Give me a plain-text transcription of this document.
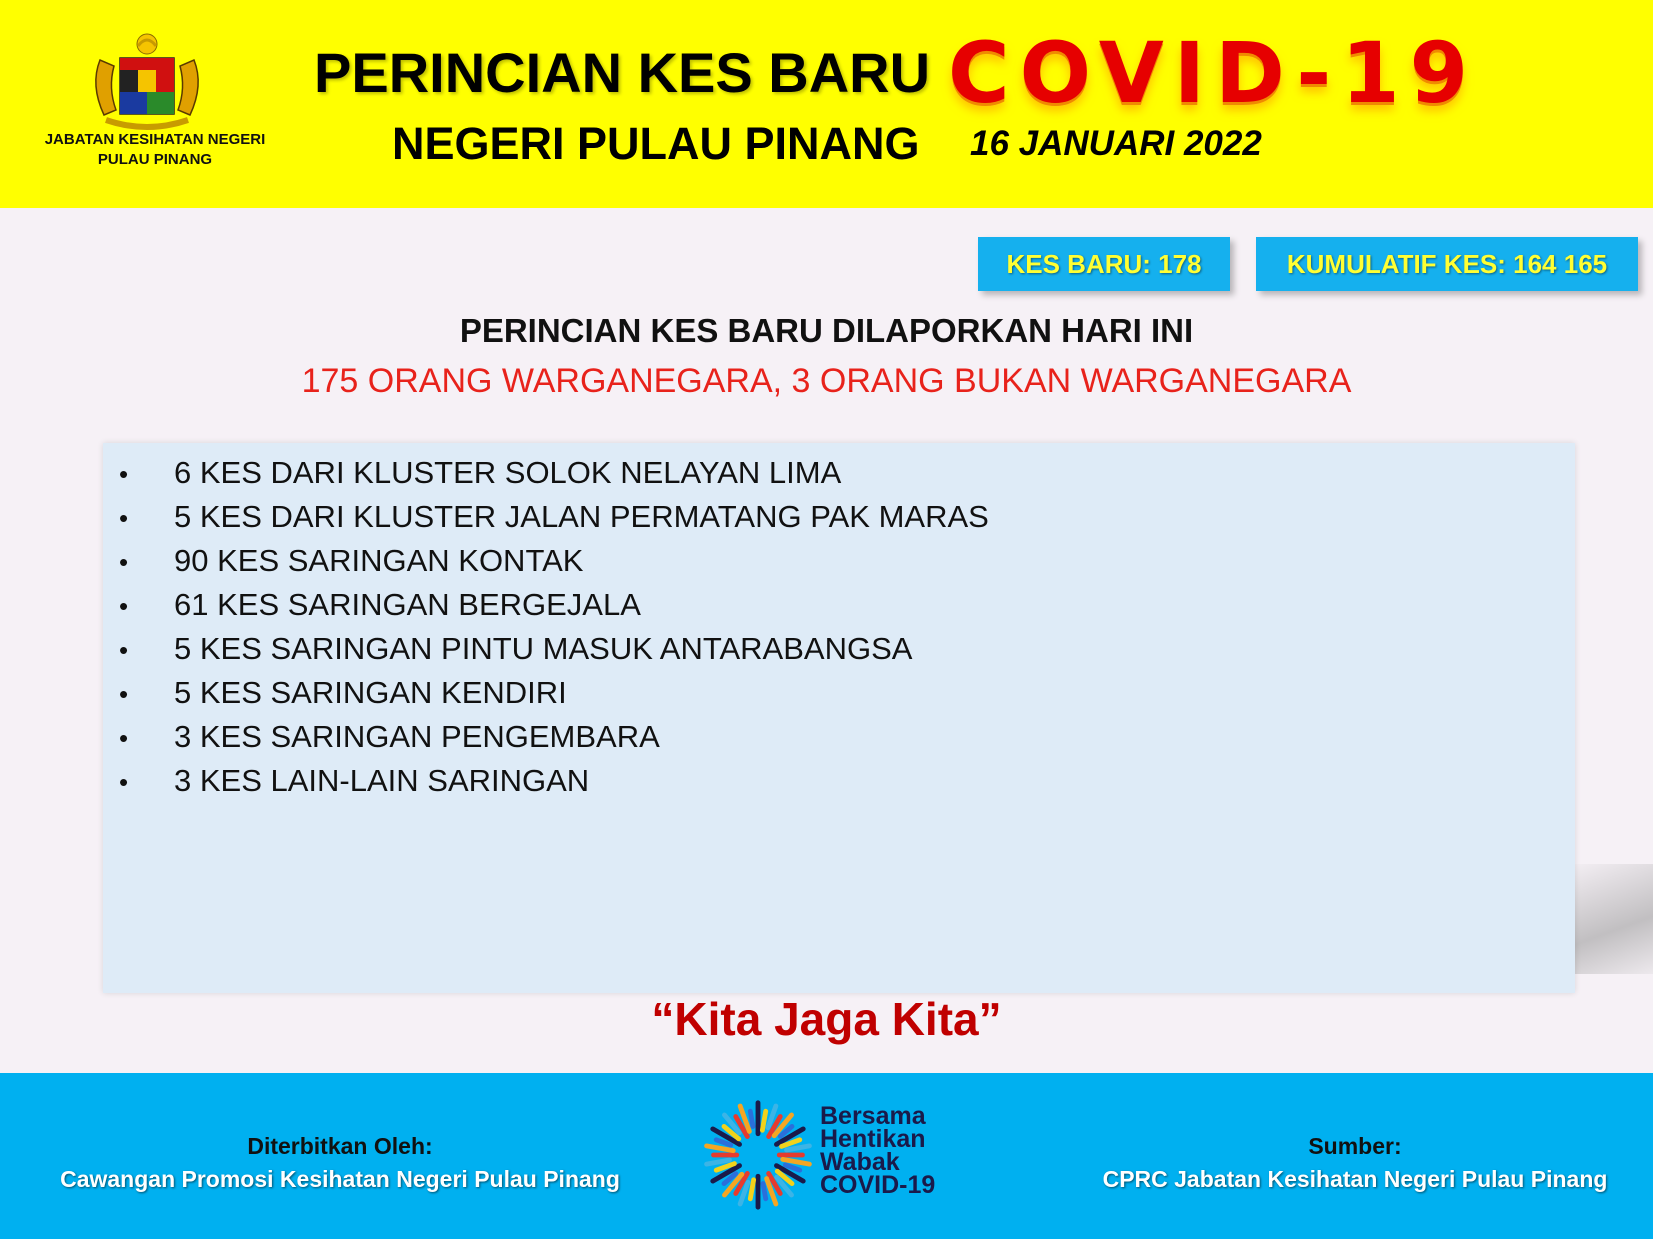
JABATAN KESIHATAN NEGERI
PULAU PINANG
PERINCIAN KES BARU COVID-19
NEGERI PULAU PINANG 16 JANUARI 2022
KES BARU: 178	KUMULATIF KES: 164 165
PERINCIAN KES BARU DILAPORKAN HARI INI
175 ORANG WARGANEGARA, 3 ORANG BUKAN WARGANEGARA
• 6 KES DARI KLUSTER SOLOK NELAYAN LIMA
• 5 KES DARI KLUSTER JALAN PERMATANG PAK MARAS
• 90 KES SARINGAN KONTAK
• 61 KES SARINGAN BERGEJALA
• 5 KES SARINGAN PINTU MASUK ANTARABANGSA
• 5 KES SARINGAN KENDIRI
• 3 KES SARINGAN PENGEMBARA
• 3 KES LAIN-LAIN SARINGAN
“Kita Jaga Kita”
Diterbitkan Oleh:
Cawangan Promosi Kesihatan Negeri Pulau Pinang
Bersama
Hentikan
Wabak
COVID-19
Sumber:
CPRC Jabatan Kesihatan Negeri Pulau Pinang
